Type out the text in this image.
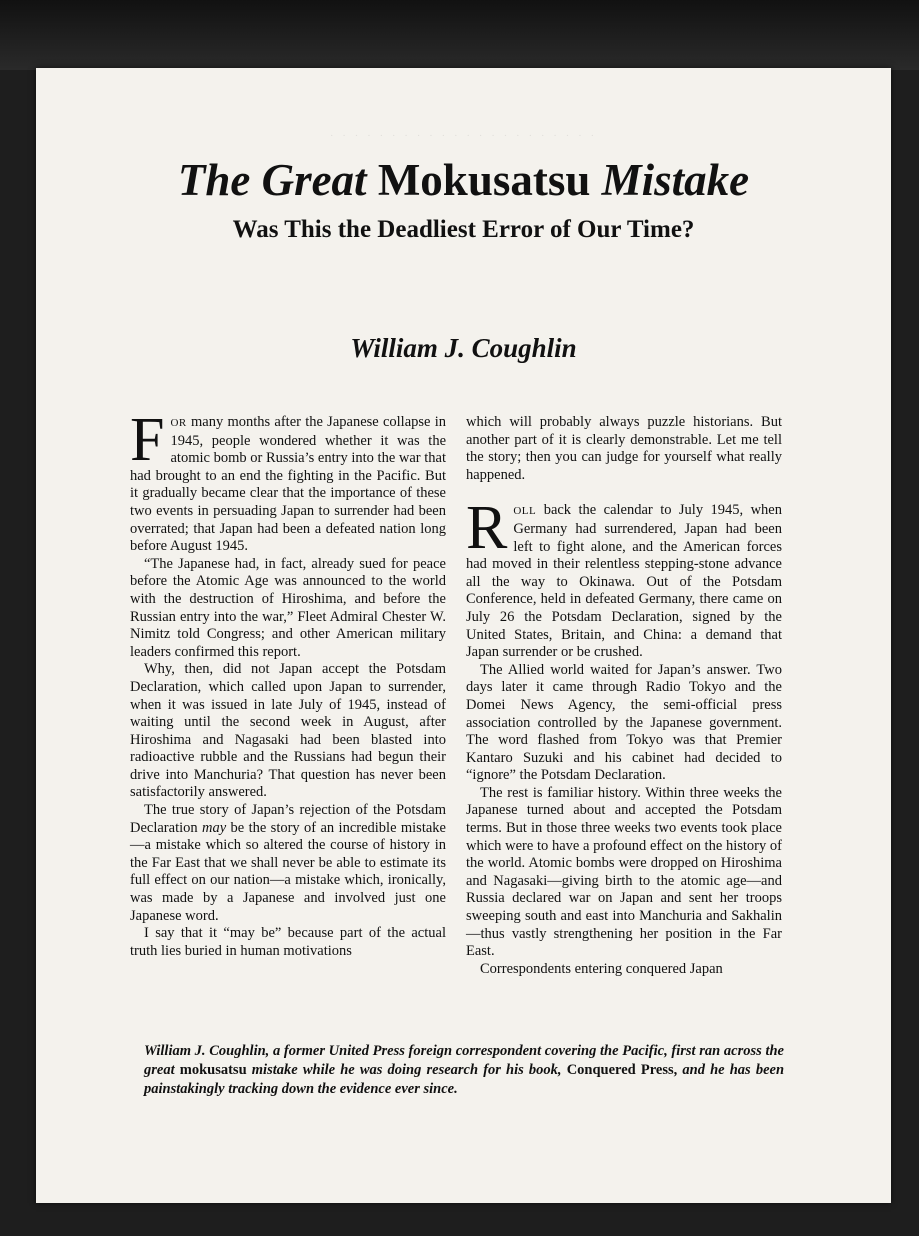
· · · · · · · · · · · · · · · · · · · · · ·
The Great Mokusatsu Mistake
Was This the Deadliest Error of Our Time?
William J. Coughlin

FOR many months after the Japanese collapse in 1945, people wondered whether it was the atomic bomb or Russia’s entry into the war that had brought to an end the fighting in the Pacific. But it gradually became clear that the importance of these two events in persuading Japan to surrender had been overrated; that Japan had been a defeated nation long before August 1945.

“The Japanese had, in fact, already sued for peace before the Atomic Age was announced to the world with the destruction of Hiroshima, and before the Russian entry into the war,” Fleet Admiral Chester W. Nimitz told Congress; and other American military leaders confirmed this report.

Why, then, did not Japan accept the Potsdam Declaration, which called upon Japan to surrender, when it was issued in late July of 1945, instead of waiting until the second week in August, after Hiroshima and Nagasaki had been blasted into radioactive rubble and the Russians had begun their drive into Manchuria? That question has never been satisfactorily answered.

The true story of Japan’s rejection of the Potsdam Declaration may be the story of an incredible mistake—a mistake which so altered the course of history in the Far East that we shall never be able to estimate its full effect on our nation—a mistake which, ironically, was made by a Japanese and involved just one Japanese word.

I say that it “may be” because part of the actual truth lies buried in human motivations

which will probably always puzzle historians. But another part of it is clearly demonstrable. Let me tell the story; then you can judge for yourself what really happened.

ROLL back the calendar to July 1945, when Germany had surrendered, Japan had been left to fight alone, and the American forces had moved in their relentless stepping-stone advance all the way to Okinawa. Out of the Potsdam Conference, held in defeated Germany, there came on July 26 the Potsdam Declaration, signed by the United States, Britain, and China: a demand that Japan surrender or be crushed.

The Allied world waited for Japan’s answer. Two days later it came through Radio Tokyo and the Domei News Agency, the semi-official press association controlled by the Japanese government. The word flashed from Tokyo was that Premier Kantaro Suzuki and his cabinet had decided to “ignore” the Potsdam Declaration.

The rest is familiar history. Within three weeks the Japanese turned about and accepted the Potsdam terms. But in those three weeks two events took place which were to have a profound effect on the history of the world. Atomic bombs were dropped on Hiroshima and Nagasaki—giving birth to the atomic age—and Russia declared war on Japan and sent her troops sweeping south and east into Manchuria and Sakhalin—thus vastly strengthening her position in the Far East.

Correspondents entering conquered Japan

William J. Coughlin, a former United Press foreign correspondent covering the Pacific, first ran across the great mokusatsu mistake while he was doing research for his book, Conquered Press, and he has been painstakingly tracking down the evidence ever since.
